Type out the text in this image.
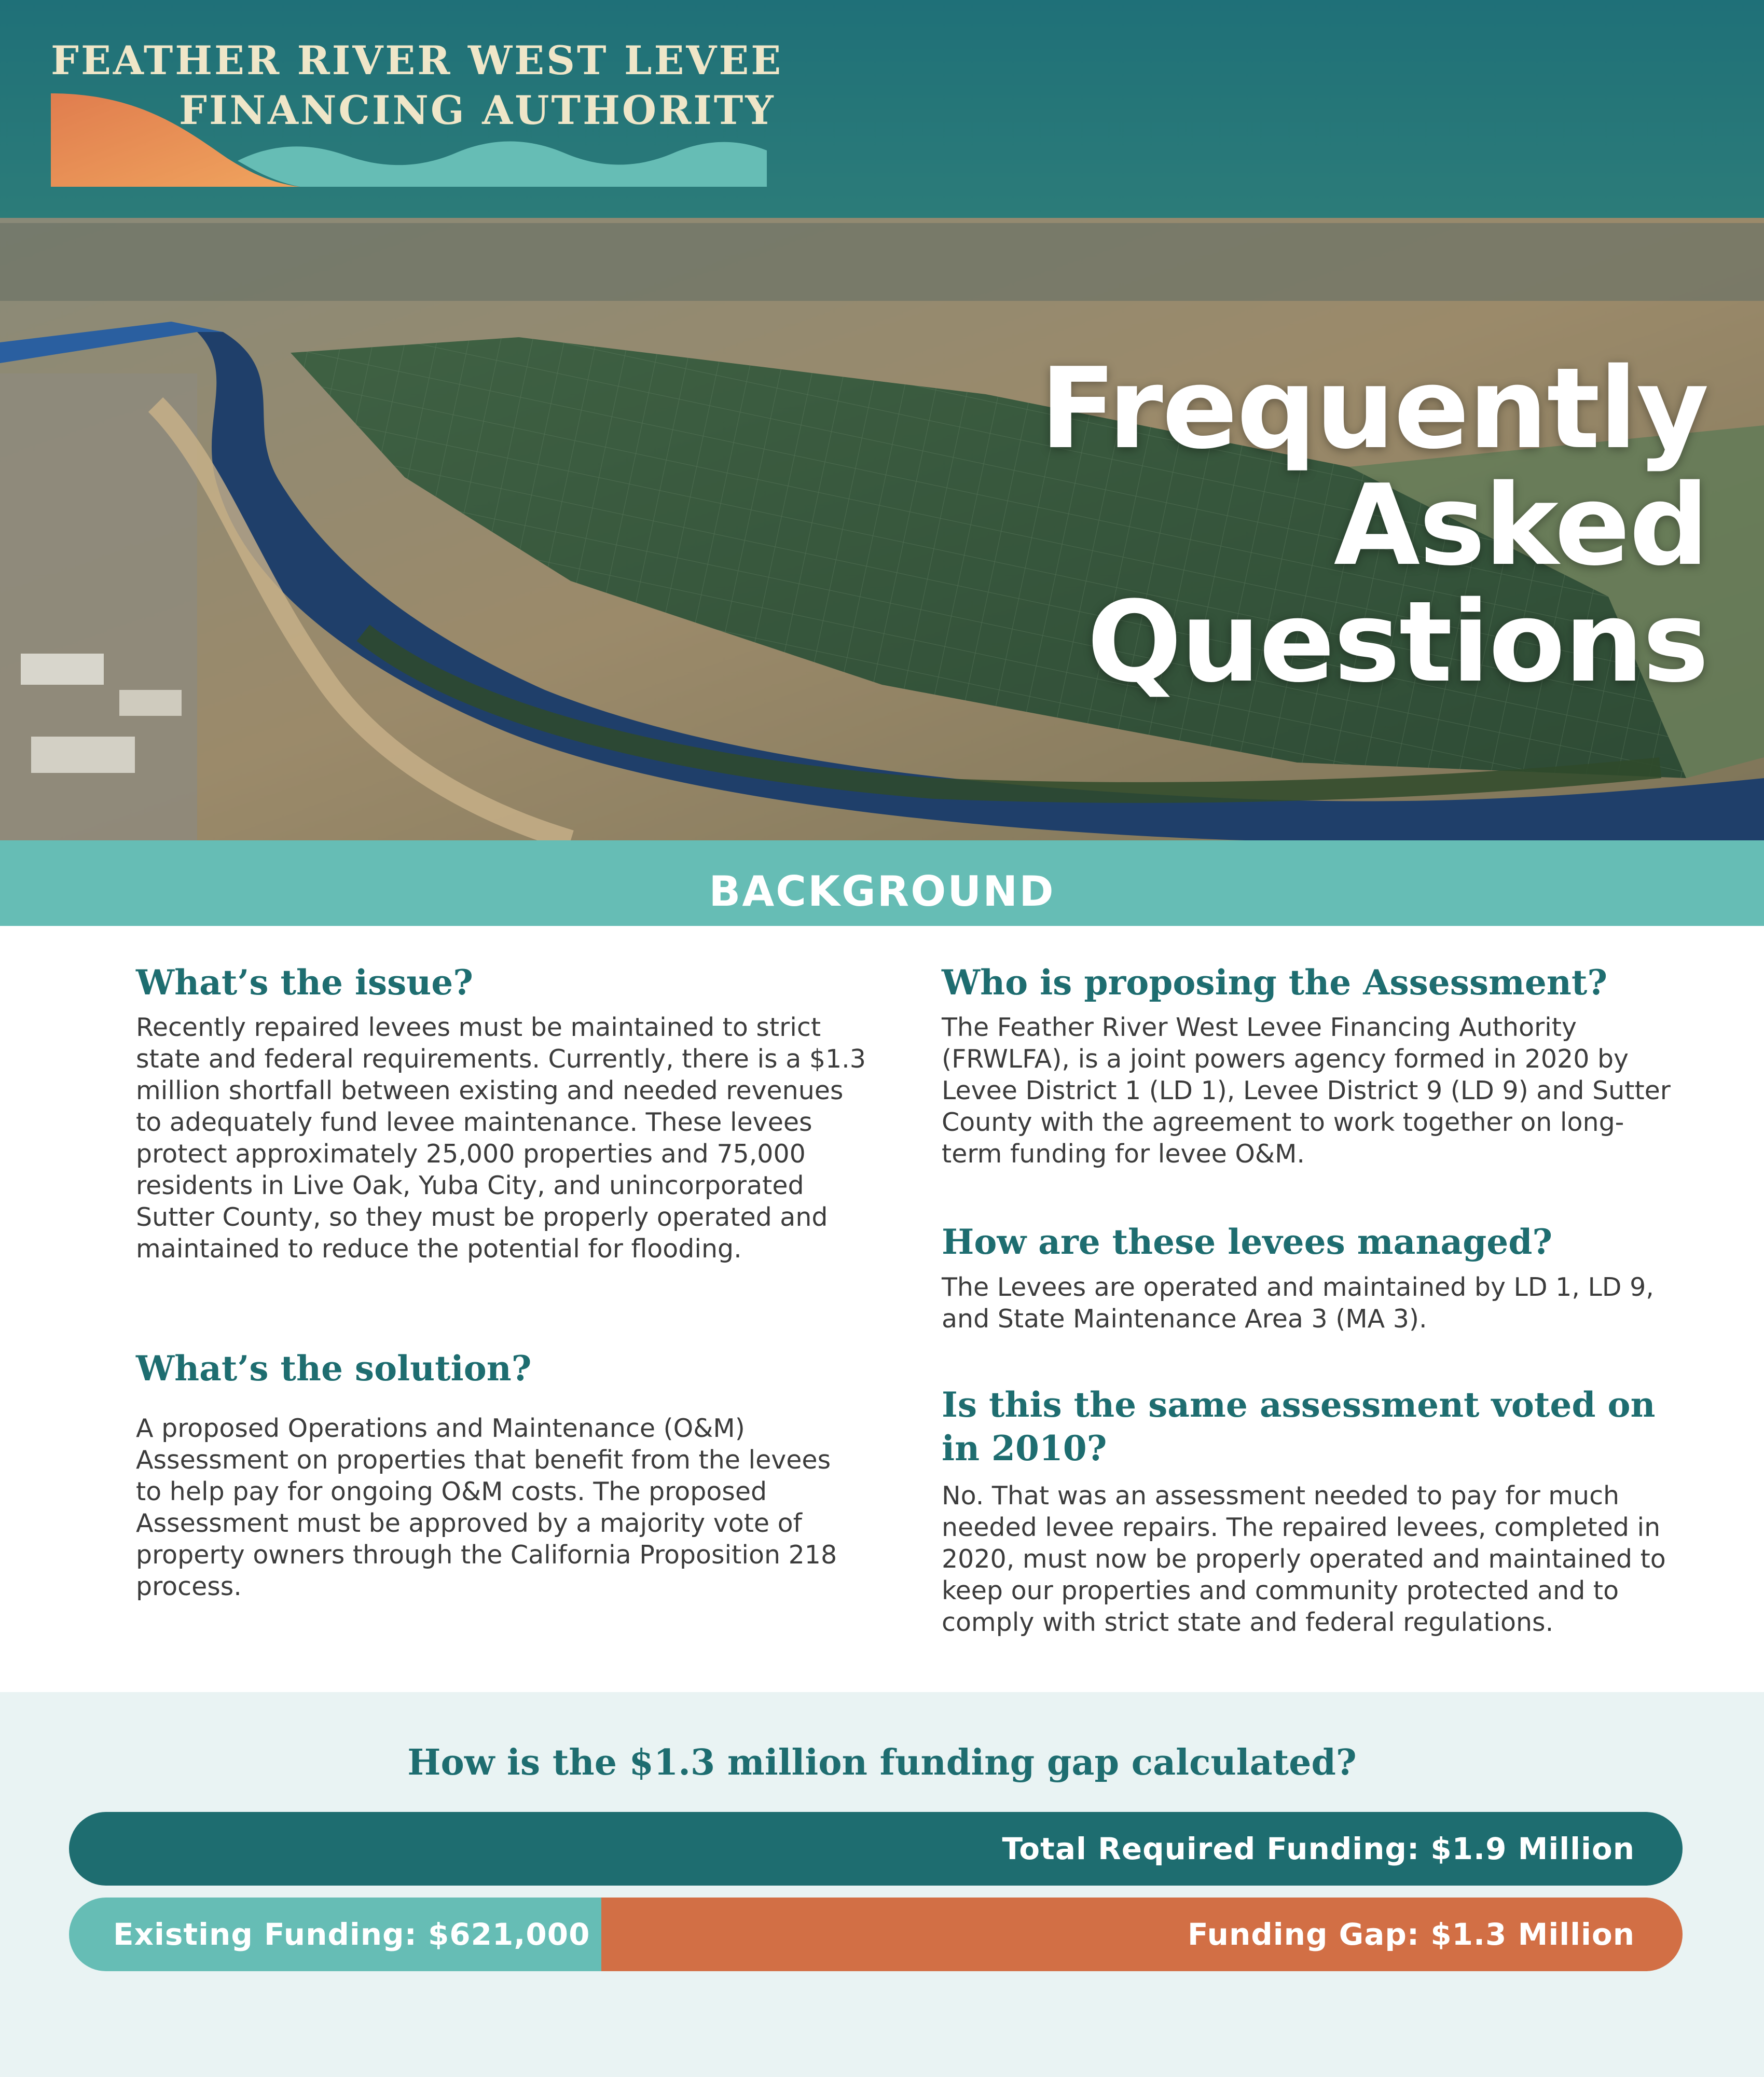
FEATHER RIVER WEST LEVEE
FINANCING AUTHORITY
Frequently
Asked
Questions
BACKGROUND
What’s the issue?
Recently repaired levees must be maintained to strict state and federal requirements. Currently, there is a $1.3 million shortfall between existing and needed revenues to adequately fund levee maintenance. These levees protect approximately 25,000 properties and 75,000 residents in Live Oak, Yuba City, and unincorporated Sutter County, so they must be properly operated and maintained to reduce the potential for flooding.
What’s the solution?
A proposed Operations and Maintenance (O&M) Assessment on properties that benefit from the levees to help pay for ongoing O&M costs. The proposed Assessment must be approved by a majority vote of property owners through the California Proposition 218 process.
Who is proposing the Assessment?
The Feather River West Levee Financing Authority (FRWLFA), is a joint powers agency formed in 2020 by Levee District 1 (LD 1), Levee District 9 (LD 9) and Sutter County with the agreement to work together on long-term funding for levee O&M.
How are these levees managed?
The Levees are operated and maintained by LD 1, LD 9, and State Maintenance Area 3 (MA 3).
Is this the same assessment voted on in 2010?
No. That was an assessment needed to pay for much needed levee repairs. The repaired levees, completed in 2020, must now be properly operated and maintained to keep our properties and community protected and to comply with strict state and federal regulations.
How is the $1.3 million funding gap calculated?
Total Required Funding: $1.9 Million
Existing Funding: $621,000	Funding Gap: $1.3 Million
